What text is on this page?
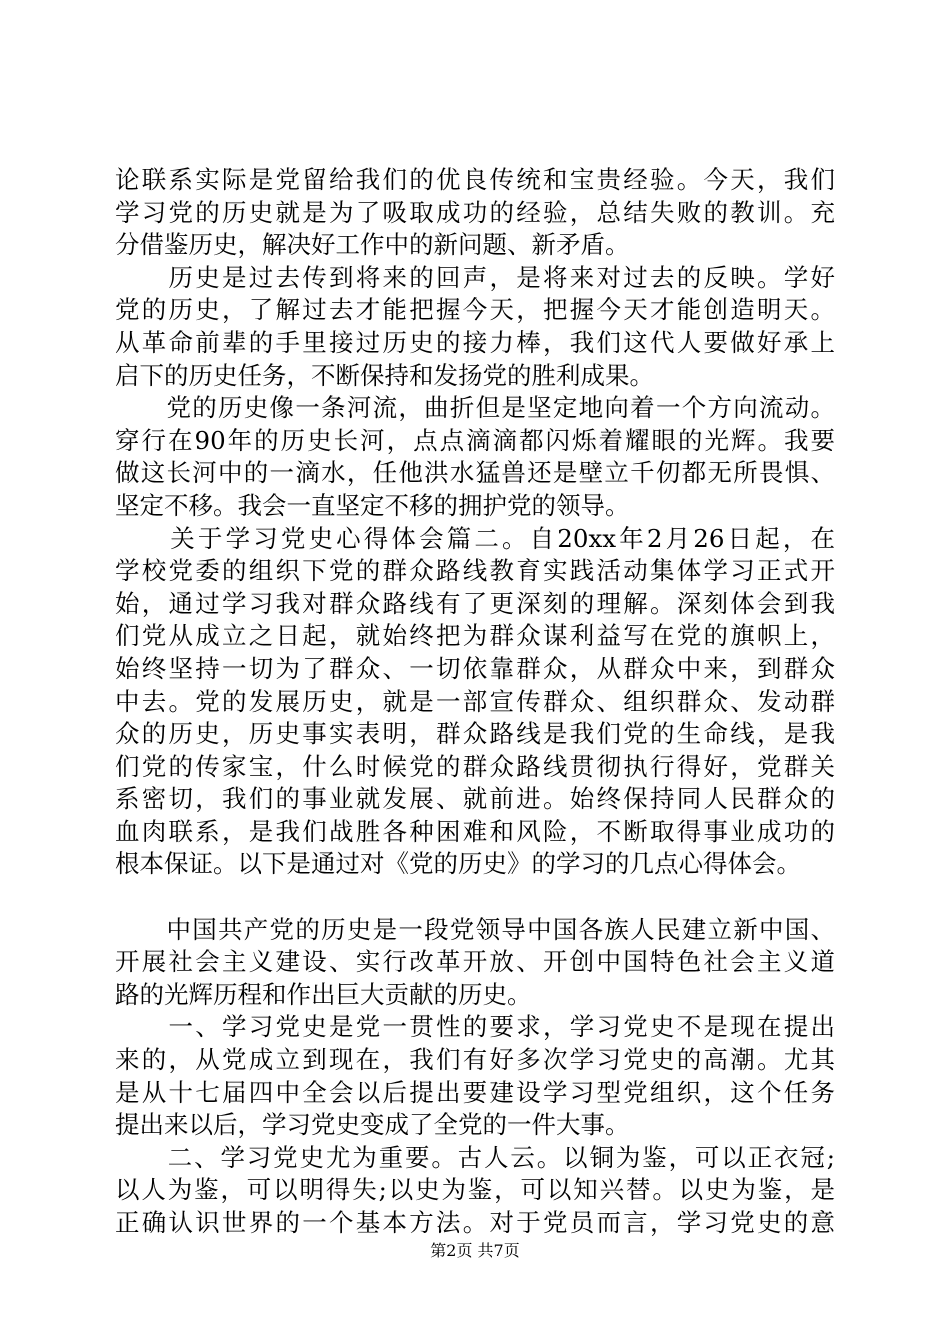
论联系实际是党留给我们的优良传统和宝贵经验。今天，我们
学习党的历史就是为了吸取成功的经验，总结失败的教训。充
分借鉴历史，解决好工作中的新问题、新矛盾。
　　历史是过去传到将来的回声，是将来对过去的反映。学好
党的历史，了解过去才能把握今天，把握今天才能创造明天。
从革命前辈的手里接过历史的接力棒，我们这代人要做好承上
启下的历史任务，不断保持和发扬党的胜利成果。
　　党的历史像一条河流，曲折但是坚定地向着一个方向流动。
穿行在90年的历史长河，点点滴滴都闪烁着耀眼的光辉。我要
做这长河中的一滴水，任他洪水猛兽还是壁立千仞都无所畏惧、
坚定不移。我会一直坚定不移的拥护党的领导。
　　关于学习党史心得体会篇二。自20xx年2月26日起，在
学校党委的组织下党的群众路线教育实践活动集体学习正式开
始，通过学习我对群众路线有了更深刻的理解。深刻体会到我
们党从成立之日起，就始终把为群众谋利益写在党的旗帜上，
始终坚持一切为了群众、一切依靠群众，从群众中来，到群众
中去。党的发展历史，就是一部宣传群众、组织群众、发动群
众的历史，历史事实表明，群众路线是我们党的生命线，是我
们党的传家宝，什么时候党的群众路线贯彻执行得好，党群关
系密切，我们的事业就发展、就前进。始终保持同人民群众的
血肉联系，是我们战胜各种困难和风险，不断取得事业成功的
根本保证。以下是通过对《党的历史》的学习的几点心得体会。
　　中国共产党的历史是一段党领导中国各族人民建立新中国、
开展社会主义建设、实行改革开放、开创中国特色社会主义道
路的光辉历程和作出巨大贡献的历史。
　　一、学习党史是党一贯性的要求，学习党史不是现在提出
来的，从党成立到现在，我们有好多次学习党史的高潮。尤其
是从十七届四中全会以后提出要建设学习型党组织，这个任务
提出来以后，学习党史变成了全党的一件大事。
　　二、学习党史尤为重要。古人云。以铜为鉴，可以正衣冠;
以人为鉴，可以明得失;以史为鉴，可以知兴替。以史为鉴，是
正确认识世界的一个基本方法。对于党员而言，学习党史的意
第2页 共7页
